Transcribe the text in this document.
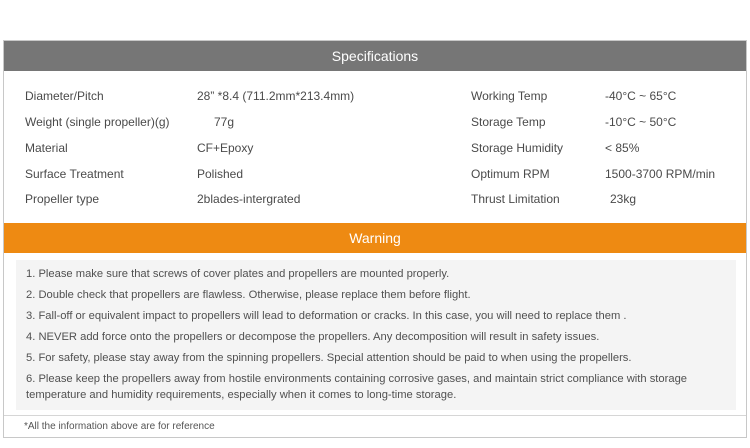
Specifications
Diameter/Pitch	28” *8.4 (711.2mm*213.4mm)	Working Temp	-40°C ~ 65°C
Weight (single propeller)(g)	77g	Storage Temp	-10°C ~ 50°C
Material	CF+Epoxy	Storage Humidity	< 85%
Surface Treatment	Polished	Optimum RPM	1500-3700 RPM/min
Propeller type	2blades-intergrated	Thrust Limitation	23kg
Warning
1. Please make sure that screws of cover plates and propellers are mounted properly.
2. Double check that propellers are flawless. Otherwise, please replace them before flight.
3. Fall-off or equivalent impact to propellers will lead to deformation or cracks. In this case, you will need to replace them .
4. NEVER add force onto the propellers or decompose the propellers. Any decomposition will result in safety issues.
5. For safety, please stay away from the spinning propellers. Special attention should be paid to when using the propellers.
6. Please keep the propellers away from hostile environments containing corrosive gases, and maintain strict compliance with storage temperature and humidity requirements, especially when it comes to long-time storage.
*All the information above are for reference
